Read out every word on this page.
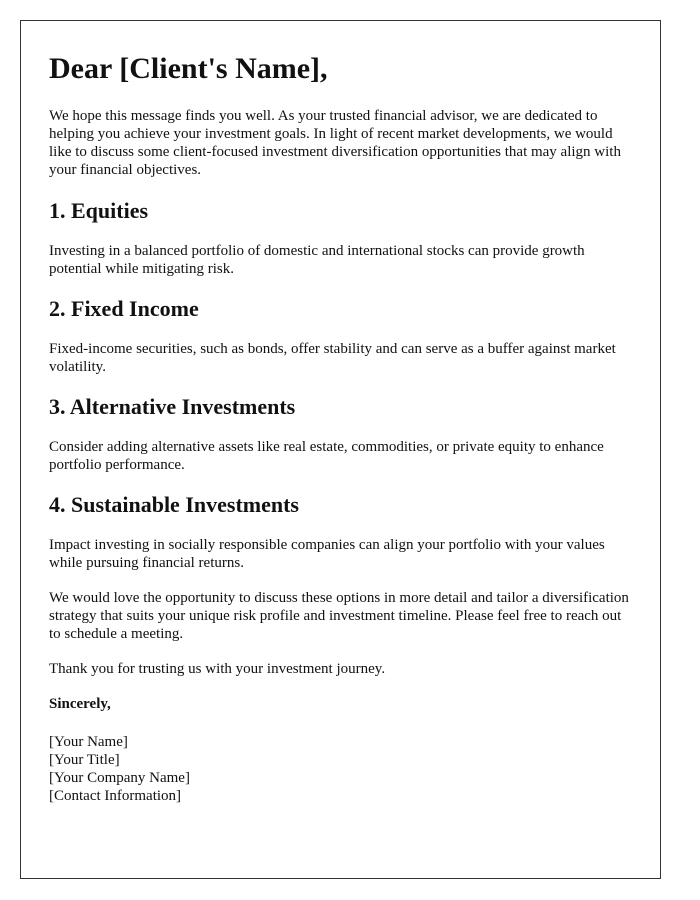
Dear [Client's Name],

We hope this message finds you well. As your trusted financial advisor, we are dedicated to helping you achieve your investment goals. In light of recent market developments, we would like to discuss some client-focused investment diversification opportunities that may align with your financial objectives.

1. Equities

Investing in a balanced portfolio of domestic and international stocks can provide growth potential while mitigating risk.

2. Fixed Income

Fixed-income securities, such as bonds, offer stability and can serve as a buffer against market volatility.

3. Alternative Investments

Consider adding alternative assets like real estate, commodities, or private equity to enhance portfolio performance.

4. Sustainable Investments

Impact investing in socially responsible companies can align your portfolio with your values while pursuing financial returns.

We would love the opportunity to discuss these options in more detail and tailor a diversification strategy that suits your unique risk profile and investment timeline. Please feel free to reach out to schedule a meeting.

Thank you for trusting us with your investment journey.

Sincerely,

[Your Name]
[Your Title]
[Your Company Name]
[Contact Information]
